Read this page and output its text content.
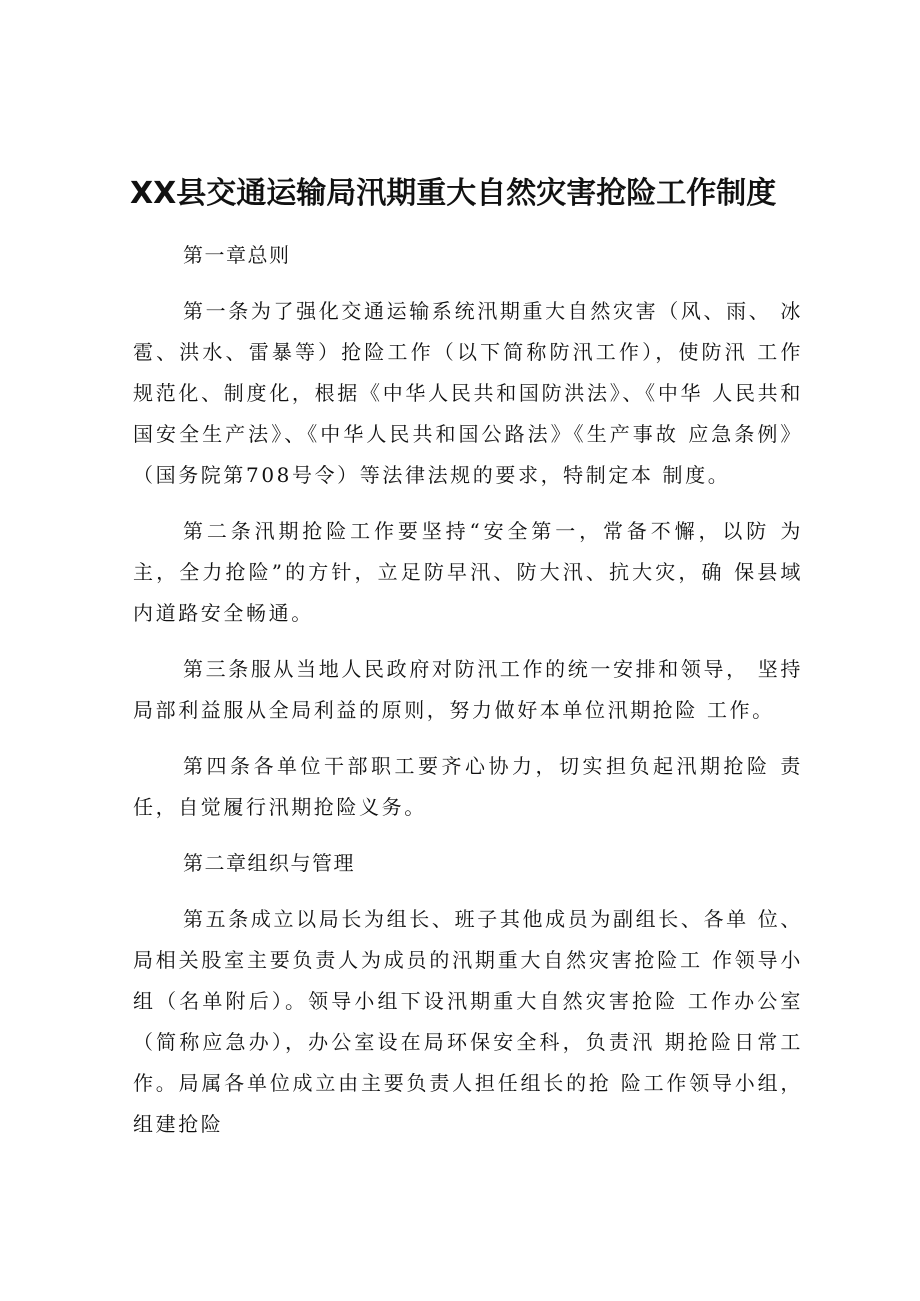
XX县交通运输局汛期重大自然灾害抢险工作制度

第一章总则

第一条为了强化交通运输系统汛期重大自然灾害（风、雨、 冰雹、洪水、雷暴等）抢险工作（以下简称防汛工作），使防汛 工作规范化、制度化，根据《中华人民共和国防洪法》、《中华 人民共和国安全生产法》、《中华人民共和国公路法》《生产事故 应急条例》（国务院第708号令）等法律法规的要求，特制定本 制度。

第二条汛期抢险工作要坚持“安全第一，常备不懈，以防 为主，全力抢险”的方针，立足防早汛、防大汛、抗大灾，确 保县域内道路安全畅通。

第三条服从当地人民政府对防汛工作的统一安排和领导， 坚持局部利益服从全局利益的原则，努力做好本单位汛期抢险 工作。

第四条各单位干部职工要齐心协力，切实担负起汛期抢险 责任，自觉履行汛期抢险义务。

第二章组织与管理

第五条成立以局长为组长、班子其他成员为副组长、各单 位、局相关股室主要负责人为成员的汛期重大自然灾害抢险工 作领导小组（名单附后）。领导小组下设汛期重大自然灾害抢险 工作办公室（简称应急办），办公室设在局环保安全科，负责汛 期抢险日常工作。局属各单位成立由主要负责人担任组长的抢 险工作领导小组，组建抢险
